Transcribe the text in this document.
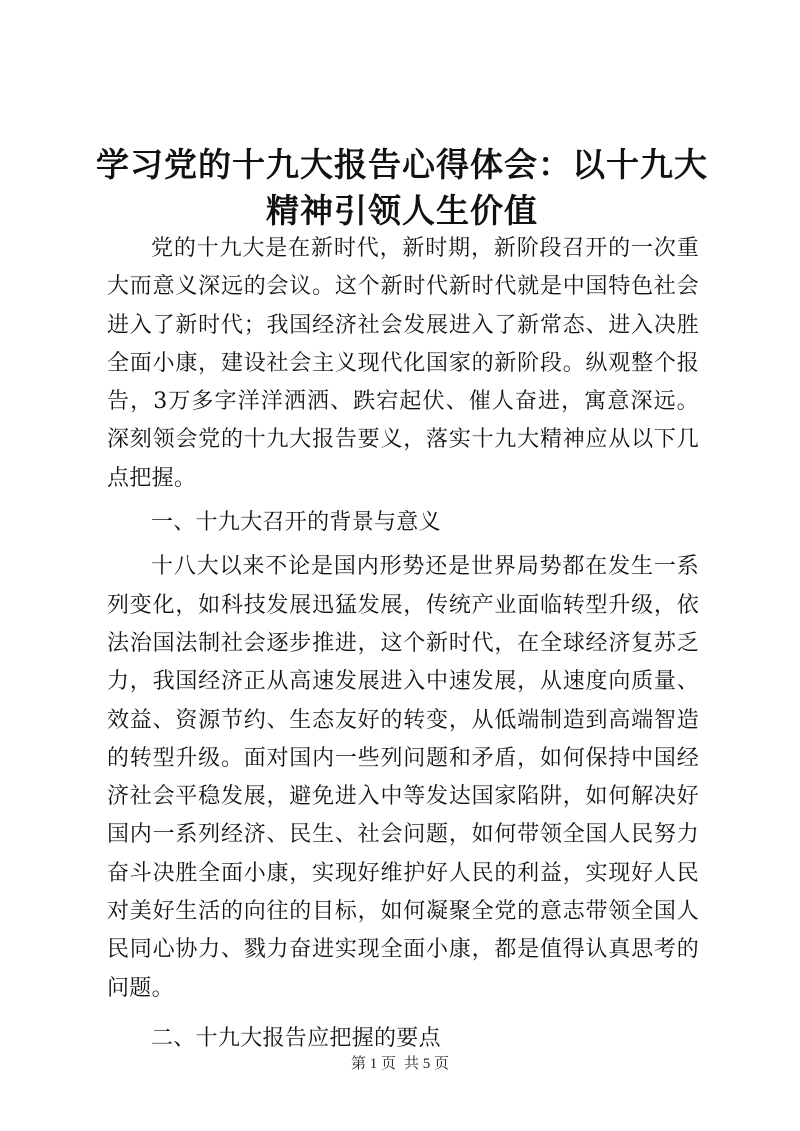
学习党的十九大报告心得体会：以十九大精神引领人生价值

党的十九大是在新时代，新时期，新阶段召开的一次重大而意义深远的会议。这个新时代新时代就是中国特色社会进入了新时代；我国经济社会发展进入了新常态、进入决胜全面小康，建设社会主义现代化国家的新阶段。纵观整个报告，3万多字洋洋洒洒、跌宕起伏、催人奋进，寓意深远。深刻领会党的十九大报告要义，落实十九大精神应从以下几点把握。

一、十九大召开的背景与意义

十八大以来不论是国内形势还是世界局势都在发生一系列变化，如科技发展迅猛发展，传统产业面临转型升级，依法治国法制社会逐步推进，这个新时代，在全球经济复苏乏力，我国经济正从高速发展进入中速发展，从速度向质量、效益、资源节约、生态友好的转变，从低端制造到高端智造的转型升级。面对国内一些列问题和矛盾，如何保持中国经济社会平稳发展，避免进入中等发达国家陷阱，如何解决好国内一系列经济、民生、社会问题，如何带领全国人民努力奋斗决胜全面小康，实现好维护好人民的利益，实现好人民对美好生活的向往的目标，如何凝聚全党的意志带领全国人民同心协力、戮力奋进实现全面小康，都是值得认真思考的问题。

二、十九大报告应把握的要点

第 1 页 共 5 页
